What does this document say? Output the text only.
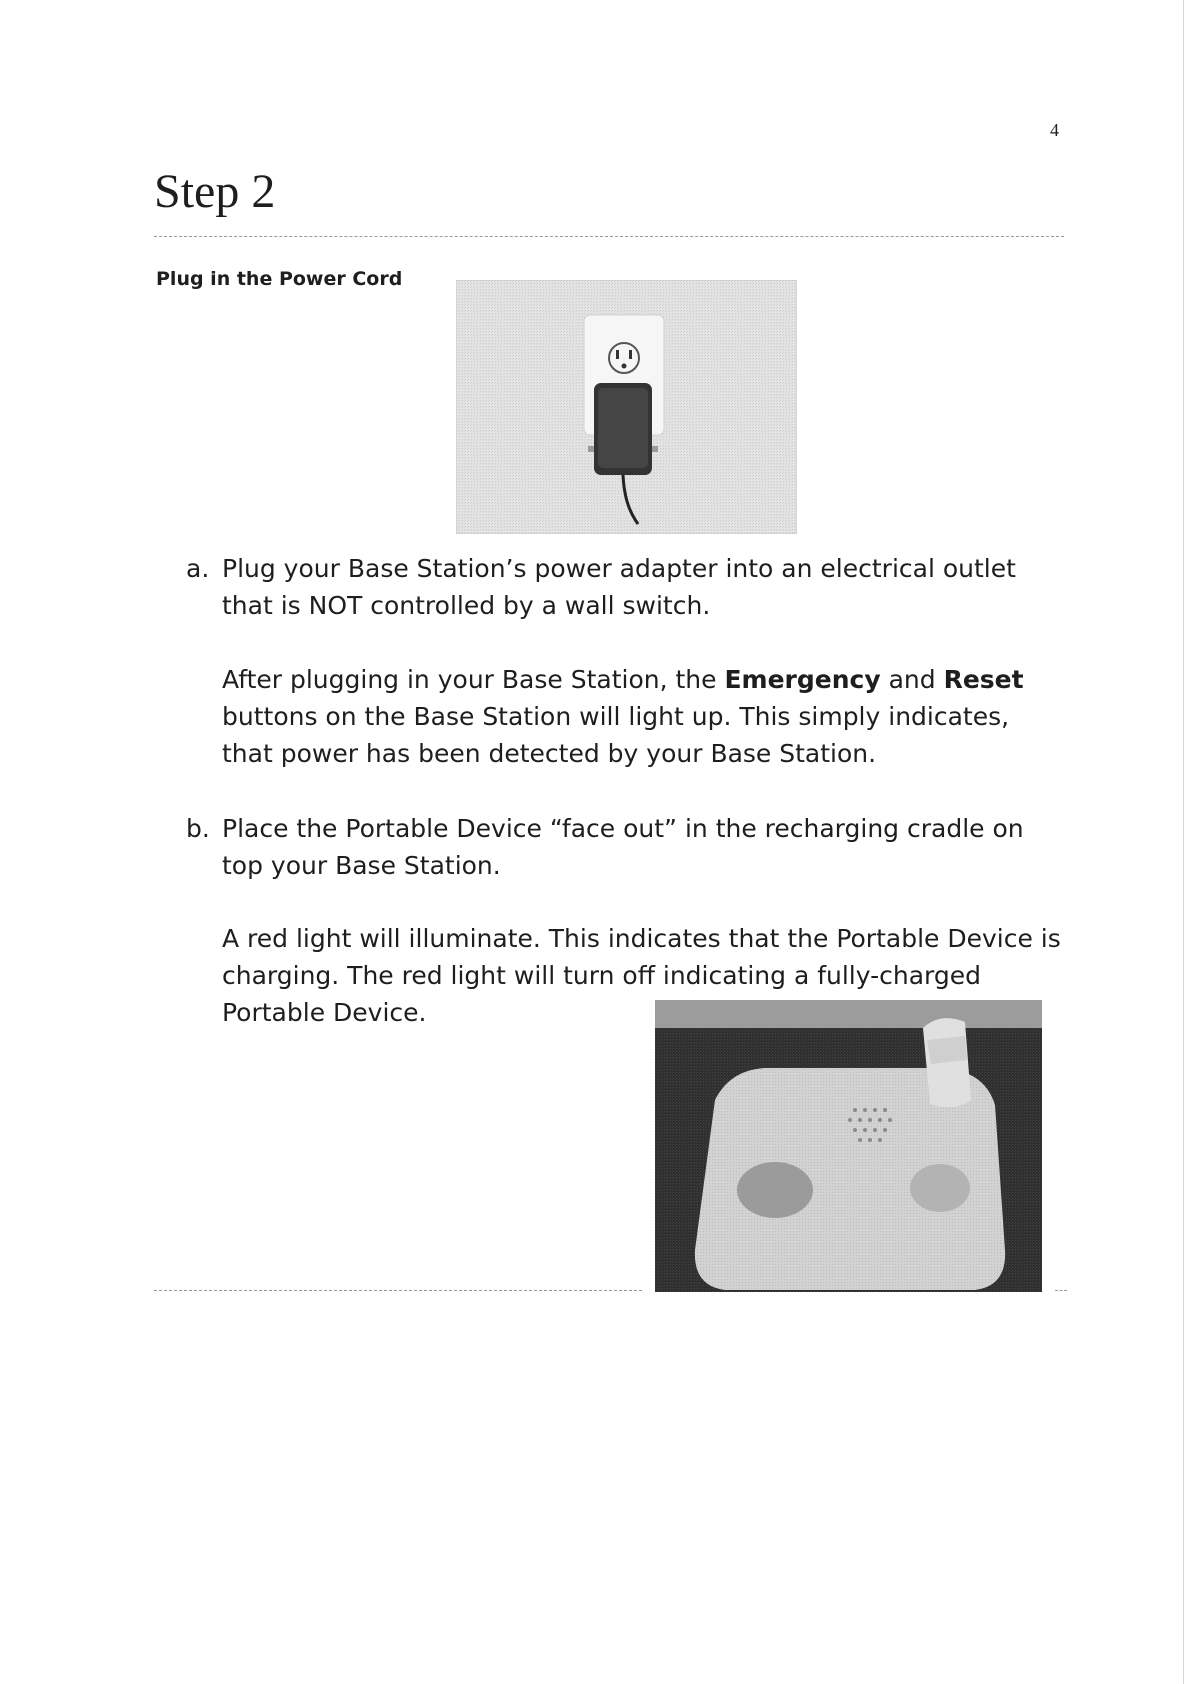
4
Step 2
Plug in the Power Cord
a. Plug your Base Station’s power adapter into an electrical outlet that is NOT controlled by a wall switch.
After plugging in your Base Station, the Emergency and Reset buttons on the Base Station will light up. This simply indicates, that power has been detected by your Base Station.
b. Place the Portable Device “face out” in the recharging cradle on top your Base Station.
A red light will illuminate. This indicates that the Portable Device is charging. The red light will turn off indicating a fully-charged Portable Device.
